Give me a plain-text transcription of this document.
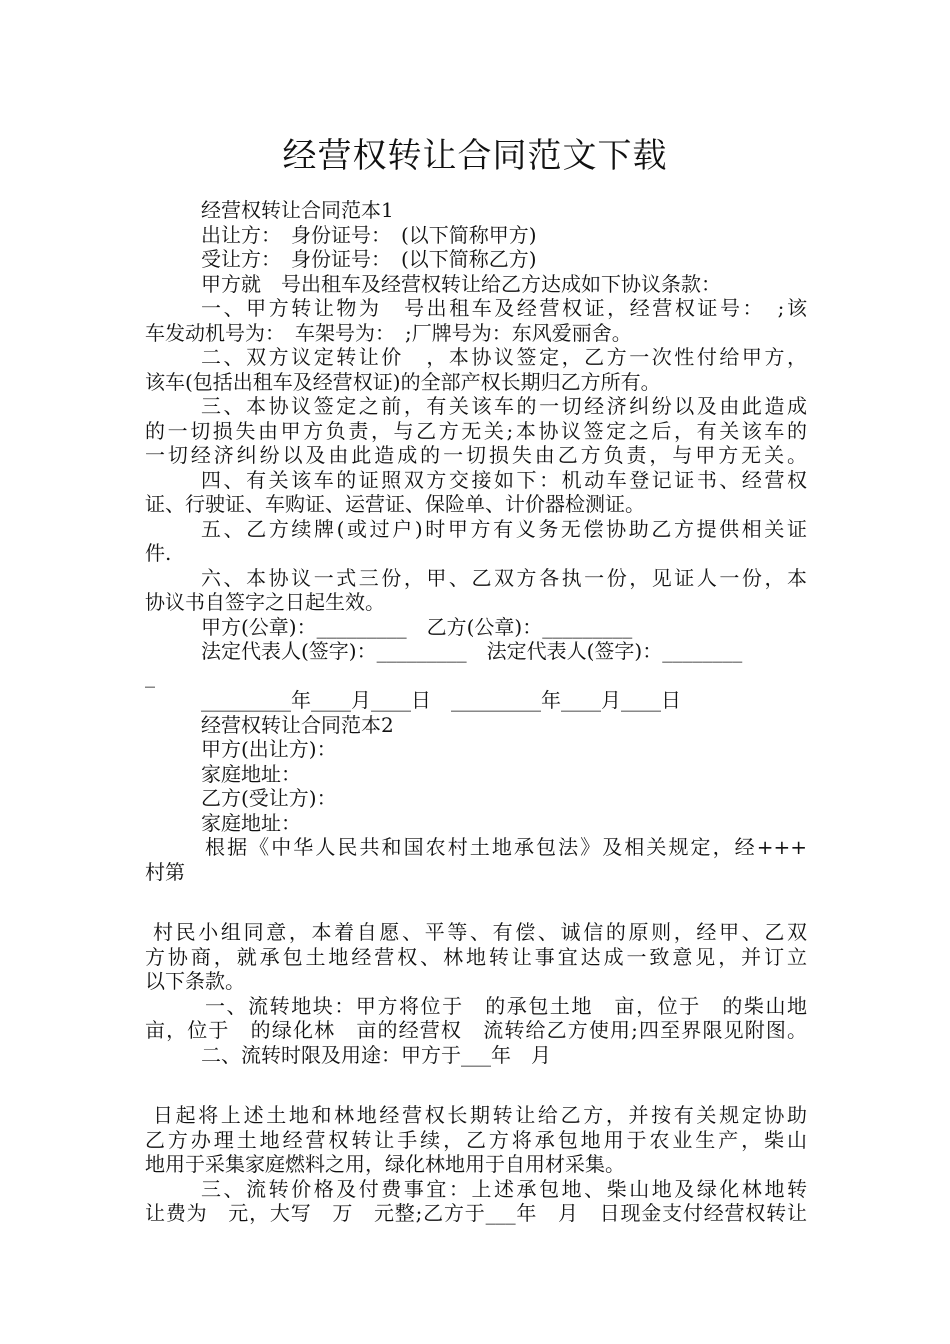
经营权转让合同范文下载
经营权转让合同范本1
出让方：　身份证号：　(以下简称甲方)
受让方：　身份证号：　(以下简称乙方)
甲方就　号出租车及经营权转让给乙方达成如下协议条款：
一、甲方转让物为　号出租车及经营权证，经营权证号：　;该
车发动机号为：　车架号为：　;厂牌号为：东风爱丽舍。
二、双方议定转让价　，本协议签定，乙方一次性付给甲方，
该车(包括出租车及经营权证)的全部产权长期归乙方所有。
三、本协议签定之前，有关该车的一切经济纠纷以及由此造成
的一切损失由甲方负责，与乙方无关;本协议签定之后，有关该车的
一切经济纠纷以及由此造成的一切损失由乙方负责，与甲方无关。
四、有关该车的证照双方交接如下：机动车登记证书、经营权
证、行驶证、车购证、运营证、保险单、计价器检测证。
五、乙方续牌(或过户)时甲方有义务无偿协助乙方提供相关证
件.
六、本协议一式三份，甲、乙双方各执一份，见证人一份，本
协议书自签字之日起生效。
甲方(公章)：_________　乙方(公章)：_________
法定代表人(签字)：_________　法定代表人(签字)：________
_
_________年____月____日　_________年____月____日
经营权转让合同范本2
甲方(出让方)：
家庭地址：
乙方(受让方)：
家庭地址：
根据《中华人民共和国农村土地承包法》及相关规定，经+++
村第
村民小组同意，本着自愿、平等、有偿、诚信的原则，经甲、乙双
方协商，就承包土地经营权、林地转让事宜达成一致意见，并订立
以下条款。
一、流转地块：甲方将位于　的承包土地　亩，位于　的柴山地
亩，位于　的绿化林　亩的经营权　流转给乙方使用;四至界限见附图。
二、流转时限及用途：甲方于___年　月
日起将上述土地和林地经营权长期转让给乙方，并按有关规定协助
乙方办理土地经营权转让手续，乙方将承包地用于农业生产，柴山
地用于采集家庭燃料之用，绿化林地用于自用材采集。
三、流转价格及付费事宜：上述承包地、柴山地及绿化林地转
让费为　元，大写　万　元整;乙方于___年　月　日现金支付经营权转让
